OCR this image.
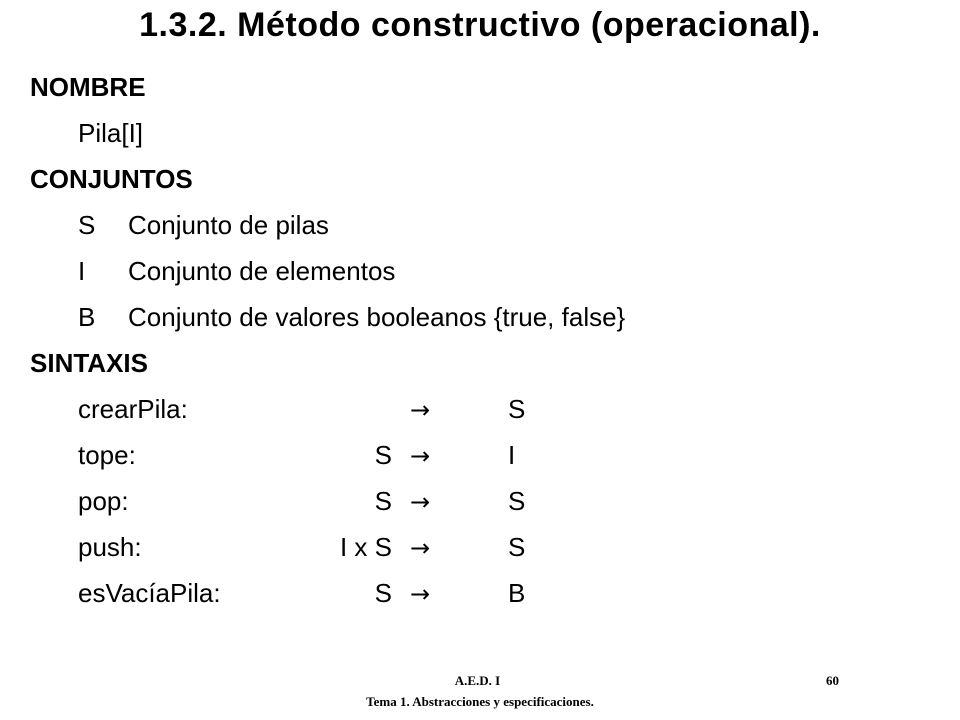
1.3.2. Método constructivo (operacional).
NOMBRE
Pila[I]
CONJUNTOS
S Conjunto de pilas
I Conjunto de elementos
B Conjunto de valores booleanos {true, false}
SINTAXIS
crearPila:	→	S
tope:	S →	I
pop:	S →	S
push:	I x S →	S
esVacíaPila:	S →	B
A.E.D. I	60
Tema 1. Abstracciones y especificaciones.
